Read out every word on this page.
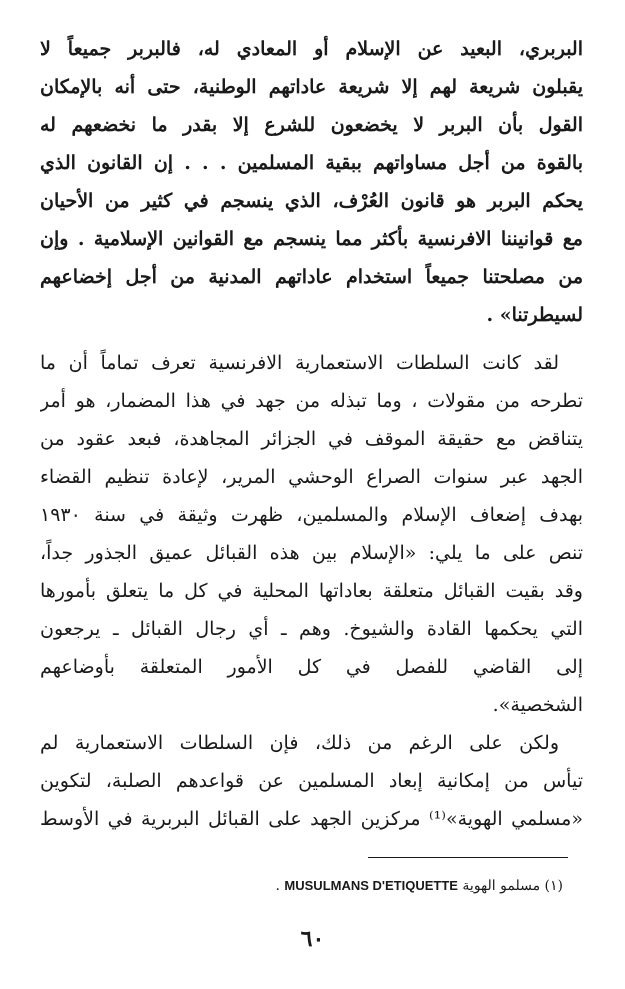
البربري، البعيد عن الإسلام أو المعادي له، فالبربر جميعاً لا
يقبلون شريعة لهم إلا شريعة عاداتهم الوطنية، حتى أنه بالإمكان
القول بأن البربر لا يخضعون للشرع إلا بقدر ما نخضعهم له
بالقوة من أجل مساواتهم ببقية المسلمين . . . إن القانون الذي
يحكم البربر هو قانون العُرْف، الذي ينسجم في كثير من الأحيان
مع قوانيننا الافرنسية بأكثر مما ينسجم مع القوانين الإسلامية . وإن
من مصلحتنا جميعاً استخدام عاداتهم المدنية من أجل إخضاعهم
لسيطرتنا» .
لقد كانت السلطات الاستعمارية الافرنسية تعرف تماماً أن ما
تطرحه من مقولات ، وما تبذله من جهد في هذا المضمار، هو أمر
يتناقض مع حقيقة الموقف في الجزائر المجاهدة، فبعد عقود من
الجهد عبر سنوات الصراع الوحشي المرير، لإعادة تنظيم القضاء
بهدف إضعاف الإسلام والمسلمين، ظهرت وثيقة في سنة ١٩٣٠
تنص على ما يلي: «الإسلام بين هذه القبائل عميق الجذور جداً،
وقد بقيت القبائل متعلقة بعاداتها المحلية في كل ما يتعلق بأمورها
التي يحكمها القادة والشيوخ. وهم ـ أي رجال القبائل ـ يرجعون
إلى القاضي للفصل في كل الأمور المتعلقة بأوضاعهم
الشخصية».
ولكن على الرغم من ذلك، فإن السلطات الاستعمارية لم
تيأس من إمكانية إبعاد المسلمين عن قواعدهم الصلبة، لتكوين
«مسلمي الهوية»⁽¹⁾ مركزين الجهد على القبائل البربرية في الأوسط
(١) مسلمو الهوية MUSULMANS D'ETIQUETTE .
٦٠
